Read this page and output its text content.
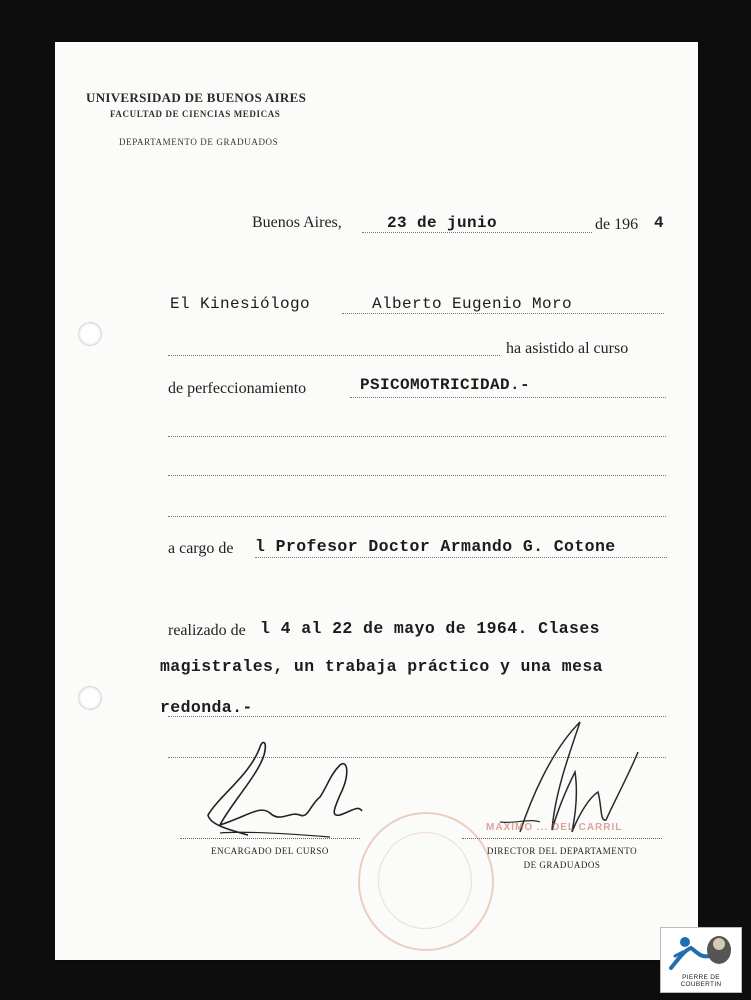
UNIVERSIDAD DE BUENOS AIRES
FACULTAD DE CIENCIAS MEDICAS
DEPARTAMENTO DE GRADUADOS
Buenos Aires,	23 de junio	de 196 4
El Kinesiólogo	Alberto Eugenio Moro
ha asistido al curso
de perfeccionamiento	PSICOMOTRICIDAD.-
a cargo de l Profesor Doctor Armando G. Cotone
realizado de l 4 al 22 de mayo de 1964. Clases
magistrales, un trabaja práctico y una mesa
redonda.-
ENCARGADO DEL CURSO
MAXIMO ... DEL CARRIL
DIRECTOR DEL DEPARTAMENTO
DE GRADUADOS
PIERRE DE COUBERTIN
